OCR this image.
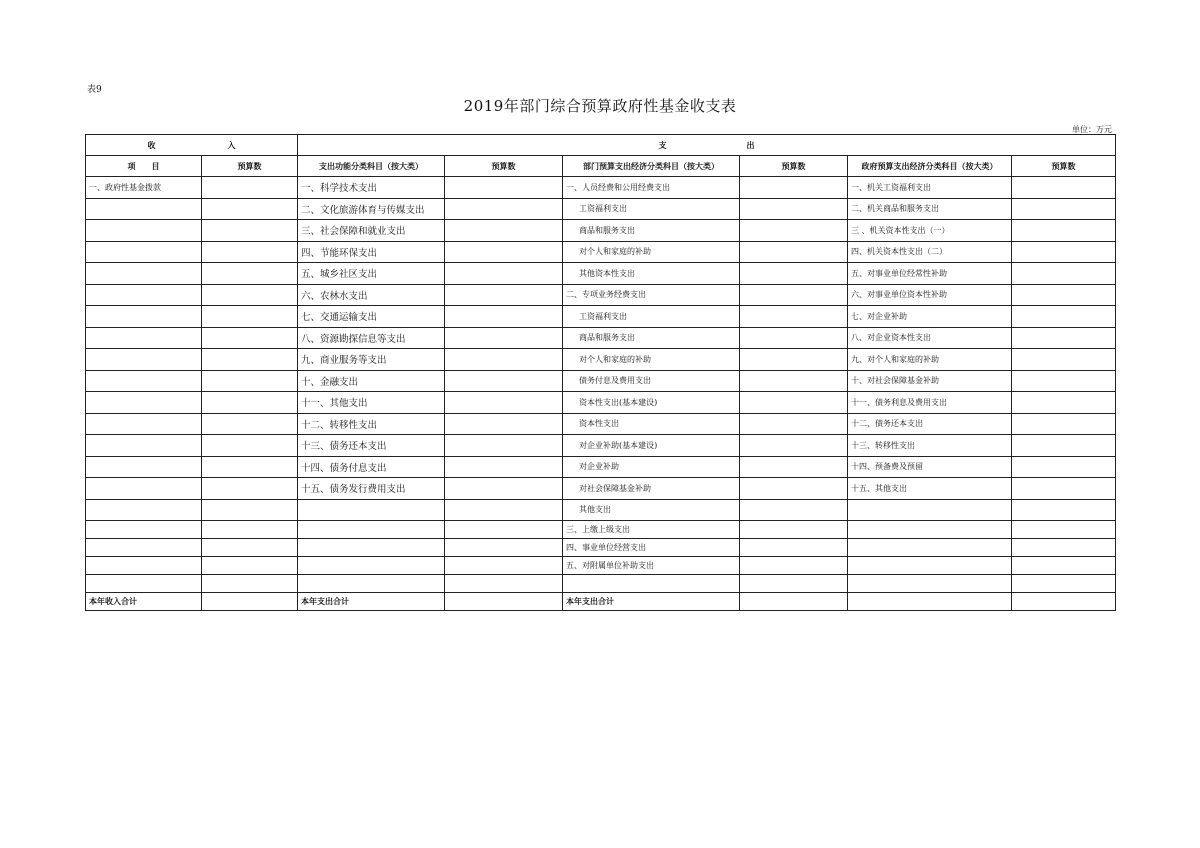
表9
2019年部门综合预算政府性基金收支表
单位：万元
收 入		支 出					
项　　目	预算数	支出功能分类科目（按大类）	预算数	部门预算支出经济分类科目（按大类）	预算数	政府预算支出经济分类科目（按大类）	预算数
一、政府性基金拨款		一、科学技术支出		一、人员经费和公用经费支出		一、机关工资福利支出	
		二、文化旅游体育与传媒支出		工资福利支出		二、机关商品和服务支出	
		三、社会保障和就业支出		商品和服务支出		三 、机关资本性支出（一）	
		四、节能环保支出		对个人和家庭的补助		四、机关资本性支出（二）	
		五、城乡社区支出		其他资本性支出		五、对事业单位经常性补助	
		六、农林水支出		二、专项业务经费支出		六、对事业单位资本性补助	
		七、交通运输支出		工资福利支出		七、对企业补助	
		八、资源勘探信息等支出		商品和服务支出		八、对企业资本性支出	
		九、商业服务等支出		对个人和家庭的补助		九、对个人和家庭的补助	
		十、金融支出		债务付息及费用支出		十、对社会保障基金补助	
		十一、其他支出		资本性支出(基本建设)		十一、债务利息及费用支出	
		十二、转移性支出		资本性支出		十二、债务还本支出	
		十三、债务还本支出		对企业补助(基本建设)		十三、转移性支出	
		十四、债务付息支出		对企业补助		十四、预备费及预留	
		十五、债务发行费用支出		对社会保障基金补助		十五、其他支出	
				其他支出			
				三、上缴上级支出			
				四、事业单位经营支出			
				五、对附属单位补助支出			

本年收入合计		本年支出合计		本年支出合计			
